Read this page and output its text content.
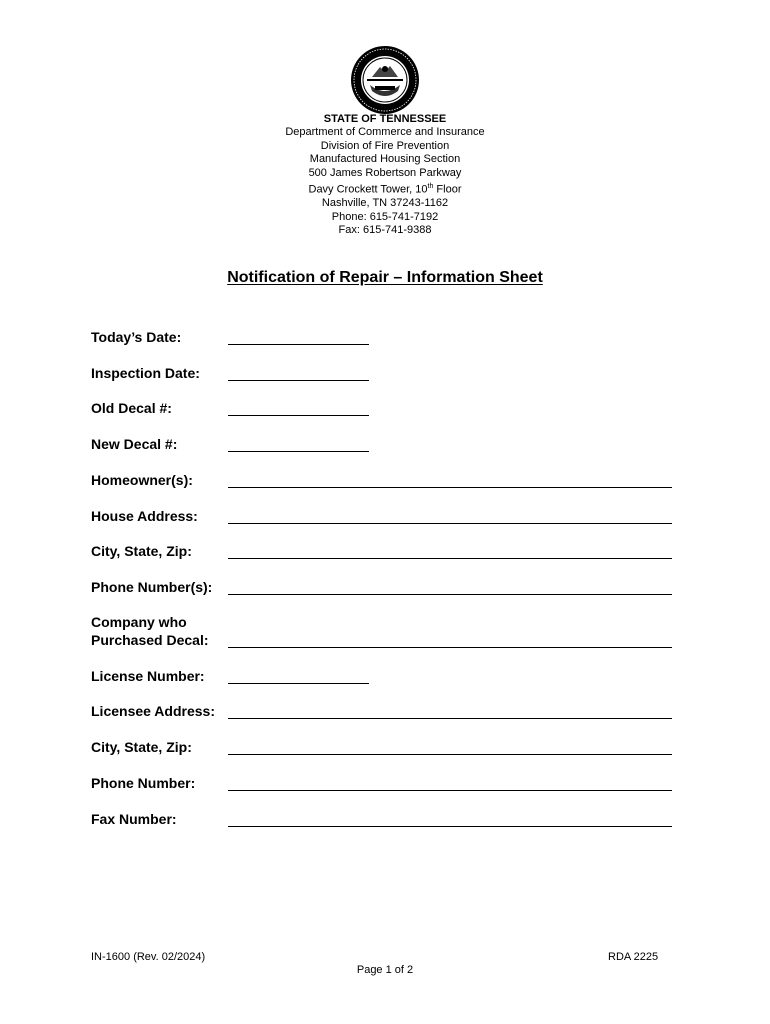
STATE OF TENNESSEE
Department of Commerce and Insurance
Division of Fire Prevention
Manufactured Housing Section
500 James Robertson Parkway
Davy Crockett Tower, 10th Floor
Nashville, TN 37243-1162
Phone: 615-741-7192
Fax: 615-741-9388
Notification of Repair – Information Sheet
Today’s Date:
Inspection Date:
Old Decal #:
New Decal #:
Homeowner(s):
House Address:
City, State, Zip:
Phone Number(s):
Company who
Purchased Decal:
License Number:
Licensee Address:
City, State, Zip:
Phone Number:
Fax Number:
IN-1600 (Rev. 02/2024)	RDA 2225
Page 1 of 2
